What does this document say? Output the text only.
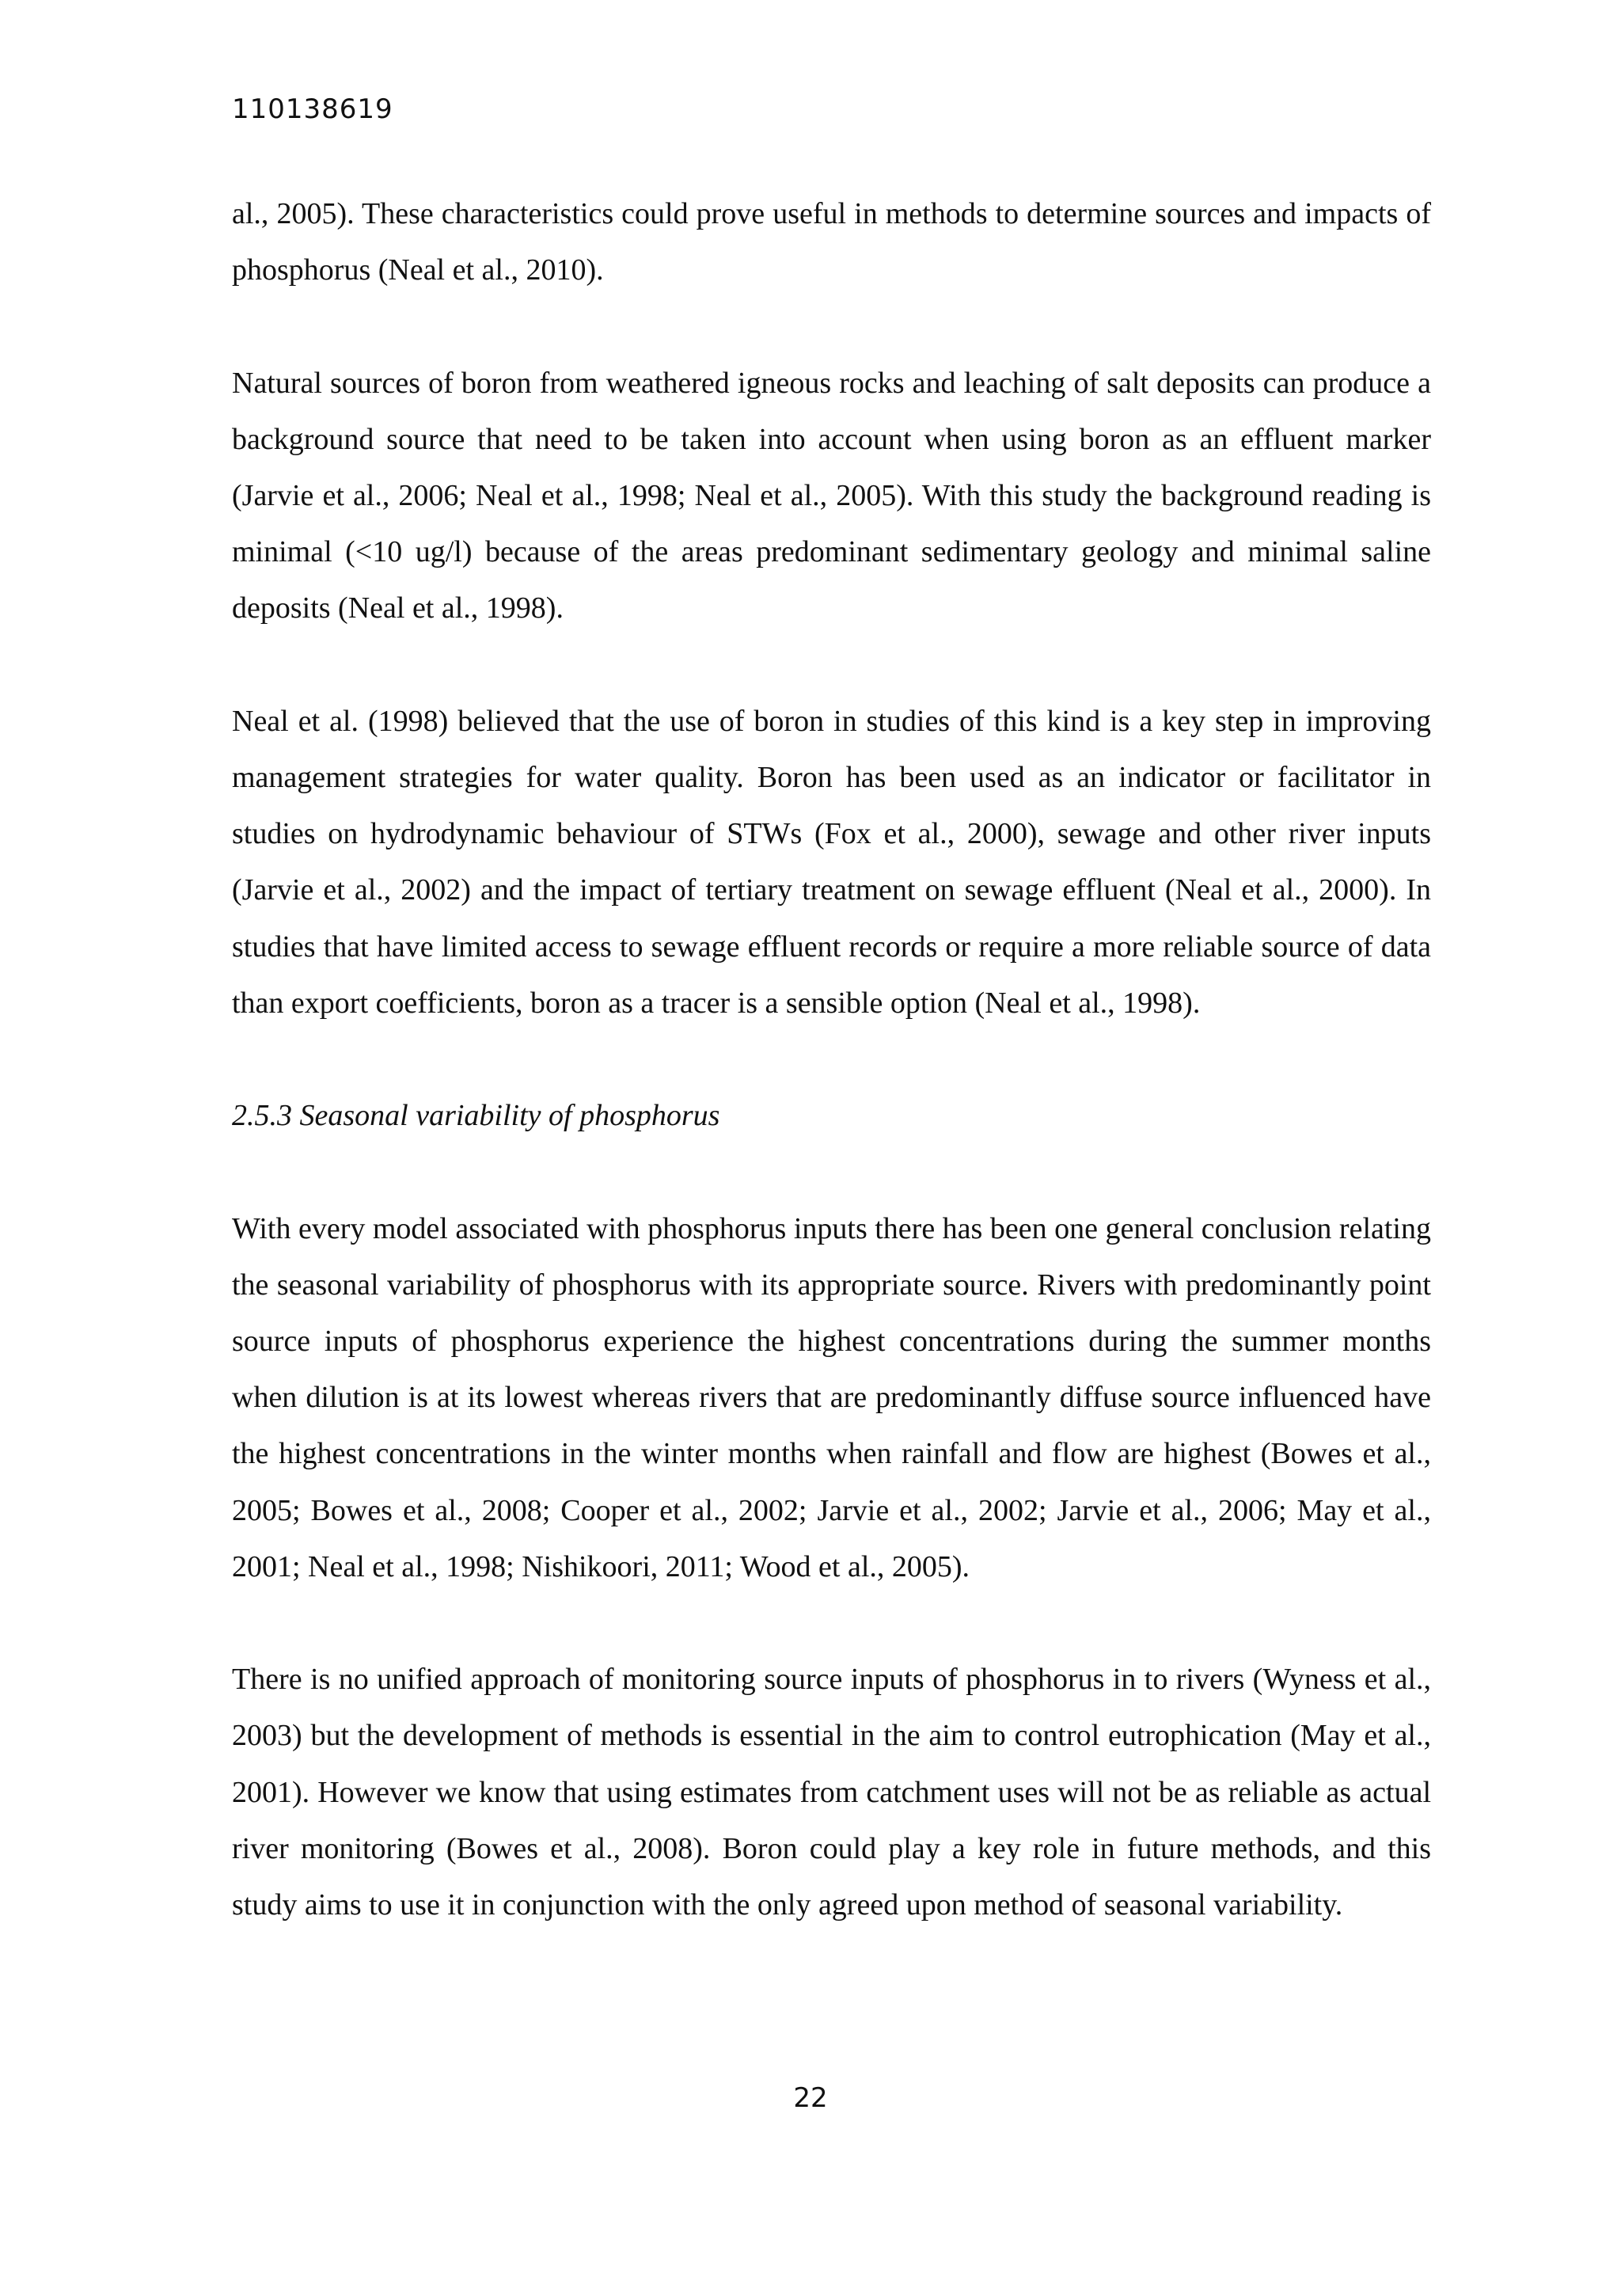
110138619

al., 2005). These characteristics could prove useful in methods to determine sources and impacts of phosphorus (Neal et al., 2010).

Natural sources of boron from weathered igneous rocks and leaching of salt deposits can produce a background source that need to be taken into account when using boron as an effluent marker (Jarvie et al., 2006; Neal et al., 1998; Neal et al., 2005). With this study the background reading is minimal (<10 ug/l) because of the areas predominant sedimentary geology and minimal saline deposits (Neal et al., 1998).

Neal et al. (1998) believed that the use of boron in studies of this kind is a key step in improving management strategies for water quality. Boron has been used as an indicator or facilitator in studies on hydrodynamic behaviour of STWs (Fox et al., 2000), sewage and other river inputs (Jarvie et al., 2002) and the impact of tertiary treatment on sewage effluent (Neal et al., 2000). In studies that have limited access to sewage effluent records or require a more reliable source of data than export coefficients, boron as a tracer is a sensible option (Neal et al., 1998).

2.5.3 Seasonal variability of phosphorus

With every model associated with phosphorus inputs there has been one general conclusion relating the seasonal variability of phosphorus with its appropriate source. Rivers with predominantly point source inputs of phosphorus experience the highest concentrations during the summer months when dilution is at its lowest whereas rivers that are predominantly diffuse source influenced have the highest concentrations in the winter months when rainfall and flow are highest (Bowes et al., 2005; Bowes et al., 2008; Cooper et al., 2002; Jarvie et al., 2002; Jarvie et al., 2006; May et al., 2001; Neal et al., 1998; Nishikoori, 2011; Wood et al., 2005).

There is no unified approach of monitoring source inputs of phosphorus in to rivers (Wyness et al., 2003) but the development of methods is essential in the aim to control eutrophication (May et al., 2001). However we know that using estimates from catchment uses will not be as reliable as actual river monitoring (Bowes et al., 2008). Boron could play a key role in future methods, and this study aims to use it in conjunction with the only agreed upon method of seasonal variability.

22
